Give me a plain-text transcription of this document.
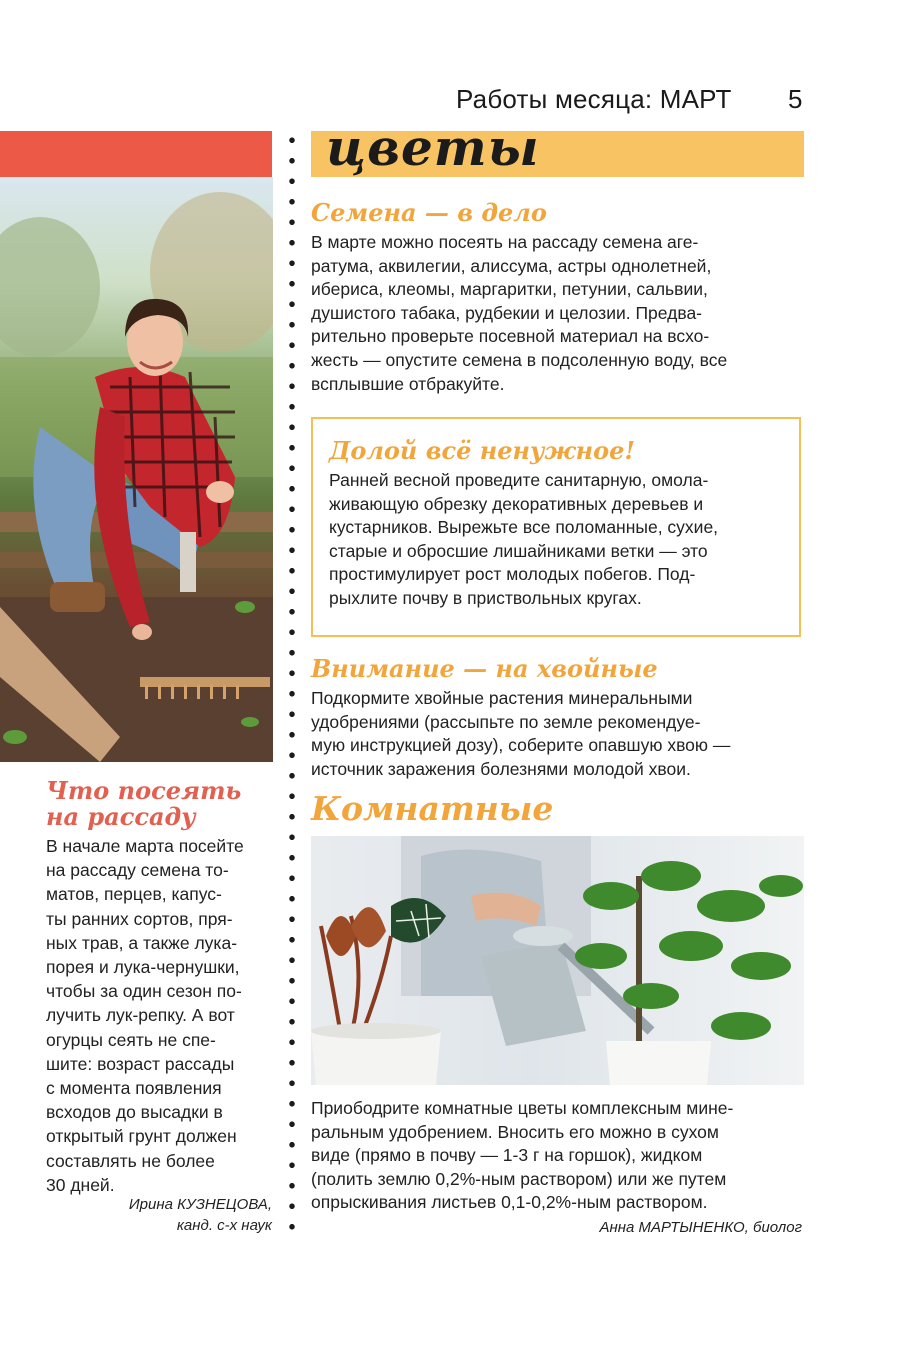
Работы месяца: МАРТ 5
цветы
Что посеять
на рассаду
В начале марта посейте
на рассаду семена то-
матов, перцев, капус-
ты ранних сортов, пря-
ных трав, а также лука-
порея и лука-чернушки,
чтобы за один сезон по-
лучить лук-репку. А вот
огурцы сеять не спе-
шите: возраст рассады
с момента появления
всходов до высадки в
открытый грунт должен
составлять не более
30 дней.
Ирина КУЗНЕЦОВА,
канд. с-х наук
Семена — в дело
В марте можно посеять на рассаду семена аге-
ратума, аквилегии, алиссума, астры однолетней,
ибериса, клеомы, маргаритки, петунии, сальвии,
душистого табака, рудбекии и целозии. Предва-
рительно проверьте посевной материал на всхо-
жесть — опустите семена в подсоленную воду, все
всплывшие отбракуйте.
Долой всё ненужное!
Ранней весной проведите санитарную, омола-
живающую обрезку декоративных деревьев и
кустарников. Вырежьте все поломанные, сухие,
старые и обросшие лишайниками ветки — это
простимулирует рост молодых побегов. Под-
рыхлите почву в приствольных кругах.
Внимание — на хвойные
Подкормите хвойные растения минеральными
удобрениями (рассыпьте по земле рекомендуе-
мую инструкцией дозу), соберите опавшую хвою —
источник заражения болезнями молодой хвои.
Комнатные
Приободрите комнатные цветы комплексным мине-
ральным удобрением. Вносить его можно в сухом
виде (прямо в почву — 1-3 г на горшок), жидком
(полить землю 0,2%-ным раствором) или же путем
опрыскивания листьев 0,1-0,2%-ным раствором.
Анна МАРТЫНЕНКО, биолог
